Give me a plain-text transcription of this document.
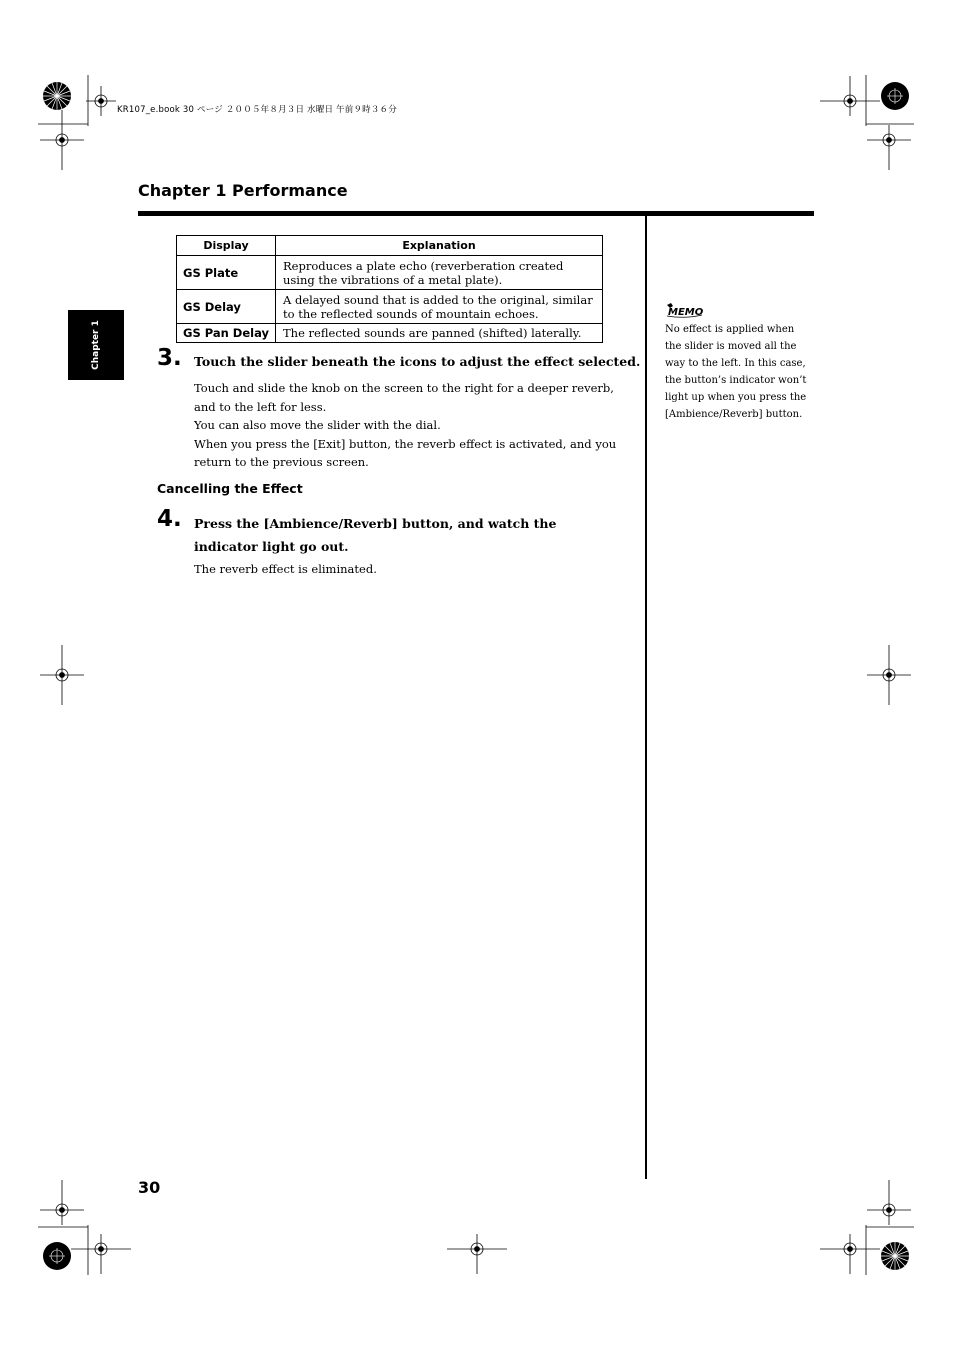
KR107_e.book 30 ページ ２００５年８月３日 水曜日 午前９時３６分
Chapter 1 Performance
Chapter 1
Display	Explanation
GS Plate	Reproduces a plate echo (reverberation created using the vibrations of a metal plate).
GS Delay	A delayed sound that is added to the original, similar to the reflected sounds of mountain echoes.
GS Pan Delay	The reflected sounds are panned (shifted) laterally.
3. Touch the slider beneath the icons to adjust the effect selected.
Touch and slide the knob on the screen to the right for a deeper reverb, and to the left for less.
You can also move the slider with the dial.
When you press the [Exit] button, the reverb effect is activated, and you return to the previous screen.
Cancelling the Effect
4. Press the [Ambience/Reverb] button, and watch the indicator light go out.
The reverb effect is eliminated.
MEMO
No effect is applied when the slider is moved all the way to the left. In this case, the button’s indicator won’t light up when you press the [Ambience/Reverb] button.
30
